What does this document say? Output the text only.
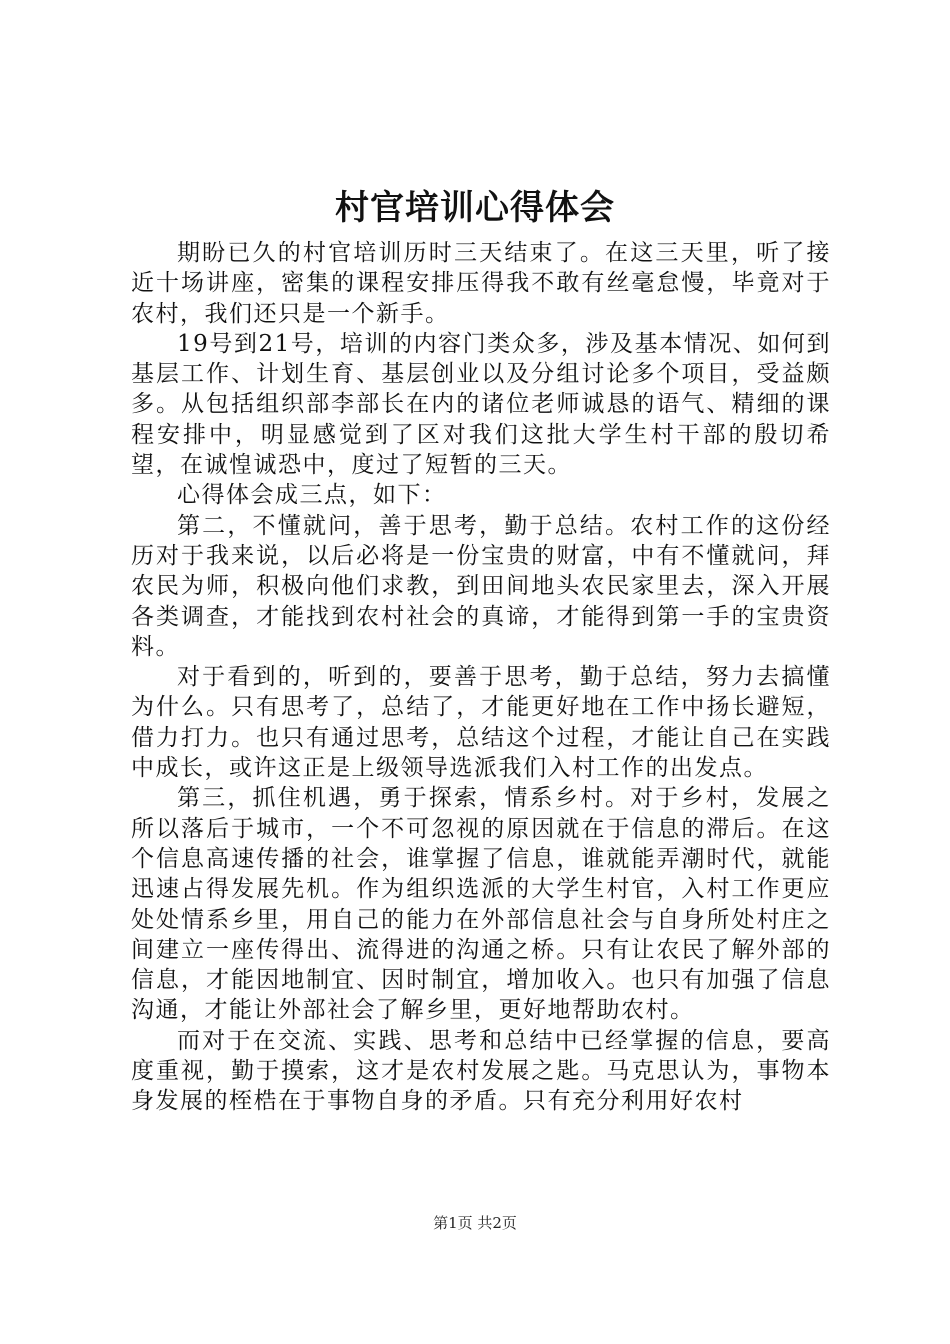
村官培训心得体会

期盼已久的村官培训历时三天结束了。在这三天里，听了接近十场讲座，密集的课程安排压得我不敢有丝毫怠慢，毕竟对于农村，我们还只是一个新手。

19号到21号，培训的内容门类众多，涉及基本情况、如何到基层工作、计划生育、基层创业以及分组讨论多个项目，受益颇多。从包括组织部李部长在内的诸位老师诚恳的语气、精细的课程安排中，明显感觉到了区对我们这批大学生村干部的殷切希望，在诚惶诚恐中，度过了短暂的三天。

心得体会成三点，如下：

第二，不懂就问，善于思考，勤于总结。农村工作的这份经历对于我来说，以后必将是一份宝贵的财富，中有不懂就问，拜农民为师，积极向他们求教，到田间地头农民家里去，深入开展各类调查，才能找到农村社会的真谛，才能得到第一手的宝贵资料。

对于看到的，听到的，要善于思考，勤于总结，努力去搞懂为什么。只有思考了，总结了，才能更好地在工作中扬长避短，借力打力。也只有通过思考，总结这个过程，才能让自己在实践中成长，或许这正是上级领导选派我们入村工作的出发点。

第三，抓住机遇，勇于探索，情系乡村。对于乡村，发展之所以落后于城市，一个不可忽视的原因就在于信息的滞后。在这个信息高速传播的社会，谁掌握了信息，谁就能弄潮时代，就能迅速占得发展先机。作为组织选派的大学生村官，入村工作更应处处情系乡里，用自己的能力在外部信息社会与自身所处村庄之间建立一座传得出、流得进的沟通之桥。只有让农民了解外部的信息，才能因地制宜、因时制宜，增加收入。也只有加强了信息沟通，才能让外部社会了解乡里，更好地帮助农村。

而对于在交流、实践、思考和总结中已经掌握的信息，要高度重视，勤于摸索，这才是农村发展之匙。马克思认为，事物本身发展的桎梏在于事物自身的矛盾。只有充分利用好农村

第1页 共2页
